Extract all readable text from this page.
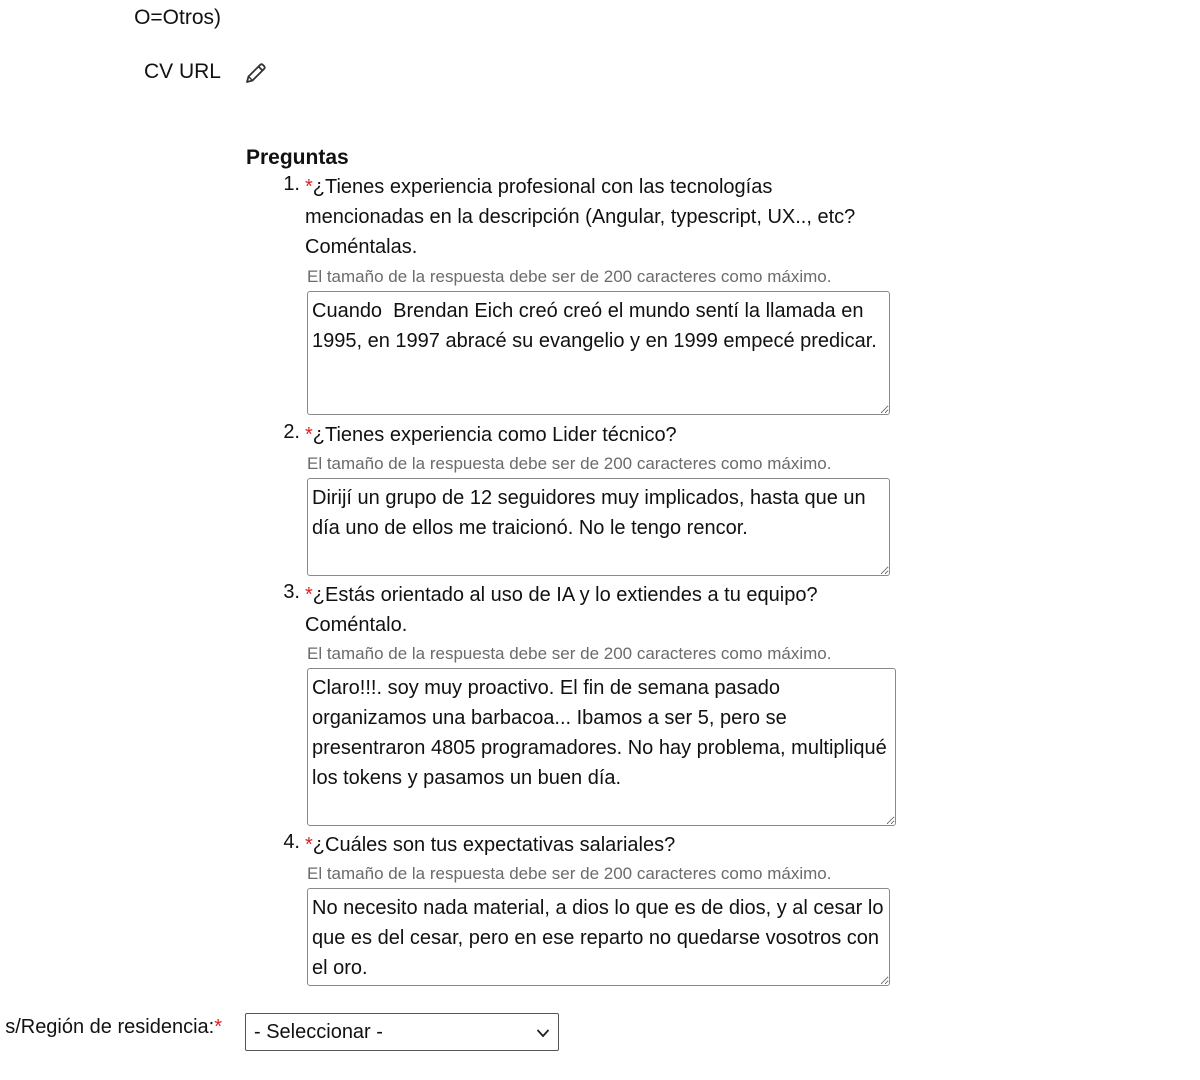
O=Otros)
CV URL
Preguntas
1. *¿Tienes experiencia profesional con las tecnologías
mencionadas en la descripción (Angular, typescript, UX.., etc?
Coméntalas.
El tamaño de la respuesta debe ser de 200 caracteres como máximo.
Cuando Brendan Eich creó creó el mundo sentí la llamada en 1995, en 1997 abracé su evangelio y en 1999 empecé predicar.
2. *¿Tienes experiencia como Lider técnico?
El tamaño de la respuesta debe ser de 200 caracteres como máximo.
Dirijí un grupo de 12 seguidores muy implicados, hasta que un día uno de ellos me traicionó. No le tengo rencor.
3. *¿Estás orientado al uso de IA y lo extiendes a tu equipo?
Coméntalo.
El tamaño de la respuesta debe ser de 200 caracteres como máximo.
Claro!!!. soy muy proactivo. El fin de semana pasado organizamos una barbacoa... Ibamos a ser 5, pero se presentraron 4805 programadores. No hay problema, multipliqué los tokens y pasamos un buen día.
4. *¿Cuáles son tus expectativas salariales?
El tamaño de la respuesta debe ser de 200 caracteres como máximo.
No necesito nada material, a dios lo que es de dios, y al cesar lo que es del cesar, pero en ese reparto no quedarse vosotros con el oro.
s/Región de residencia:* - Seleccionar -
